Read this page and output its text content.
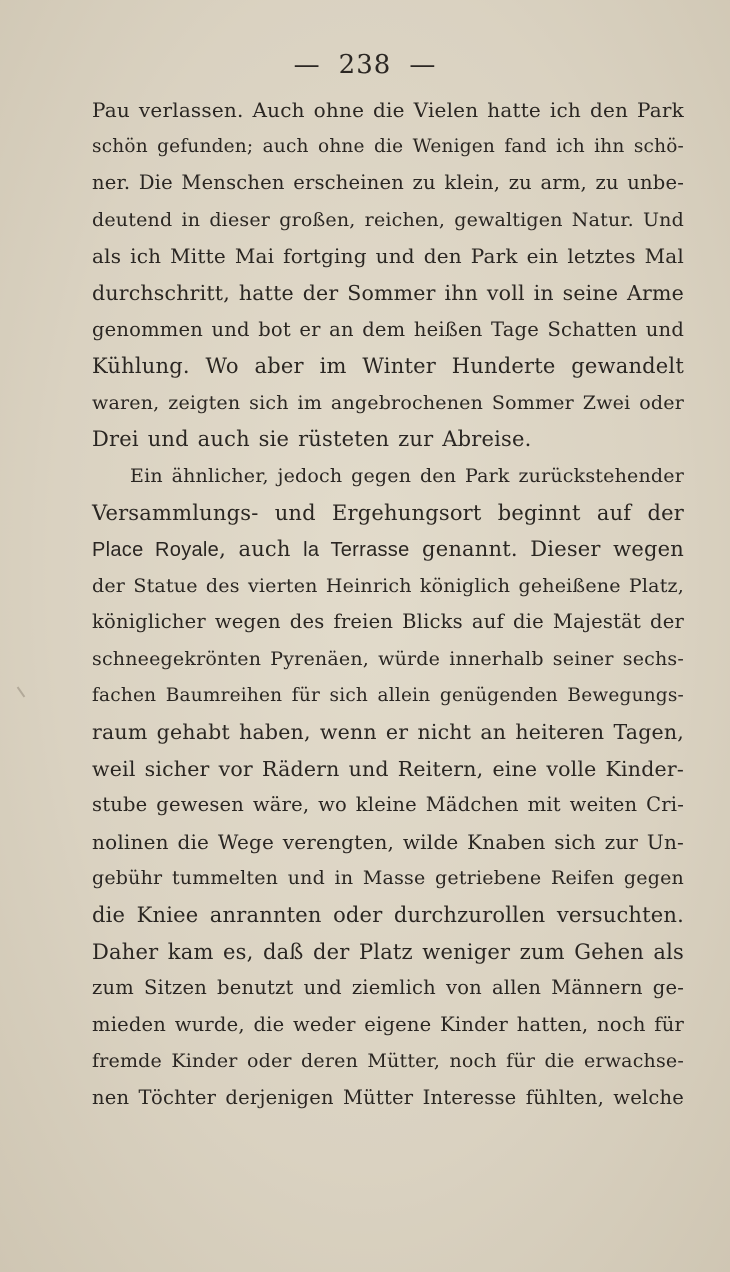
— 238 —
Pau verlassen. Auch ohne die Vielen hatte ich den Park
schön gefunden; auch ohne die Wenigen fand ich ihn schö-
ner. Die Menschen erscheinen zu klein, zu arm, zu unbe-
deutend in dieser großen, reichen, gewaltigen Natur. Und
als ich Mitte Mai fortging und den Park ein letztes Mal
durchschritt, hatte der Sommer ihn voll in seine Arme
genommen und bot er an dem heißen Tage Schatten und
Kühlung. Wo aber im Winter Hunderte gewandelt
waren, zeigten sich im angebrochenen Sommer Zwei oder
Drei und auch sie rüsteten zur Abreise.
Ein ähnlicher, jedoch gegen den Park zurückstehender
Versammlungs- und Ergehungsort beginnt auf der
Place Royale, auch la Terrasse genannt. Dieser wegen
der Statue des vierten Heinrich königlich geheißene Platz,
königlicher wegen des freien Blicks auf die Majestät der
schneegekrönten Pyrenäen, würde innerhalb seiner sechs-
fachen Baumreihen für sich allein genügenden Bewegungs-
raum gehabt haben, wenn er nicht an heiteren Tagen,
weil sicher vor Rädern und Reitern, eine volle Kinder-
stube gewesen wäre, wo kleine Mädchen mit weiten Cri-
nolinen die Wege verengten, wilde Knaben sich zur Un-
gebühr tummelten und in Masse getriebene Reifen gegen
die Kniee anrannten oder durchzurollen versuchten.
Daher kam es, daß der Platz weniger zum Gehen als
zum Sitzen benutzt und ziemlich von allen Männern ge-
mieden wurde, die weder eigene Kinder hatten, noch für
fremde Kinder oder deren Mütter, noch für die erwachse-
nen Töchter derjenigen Mütter Interesse fühlten, welche
